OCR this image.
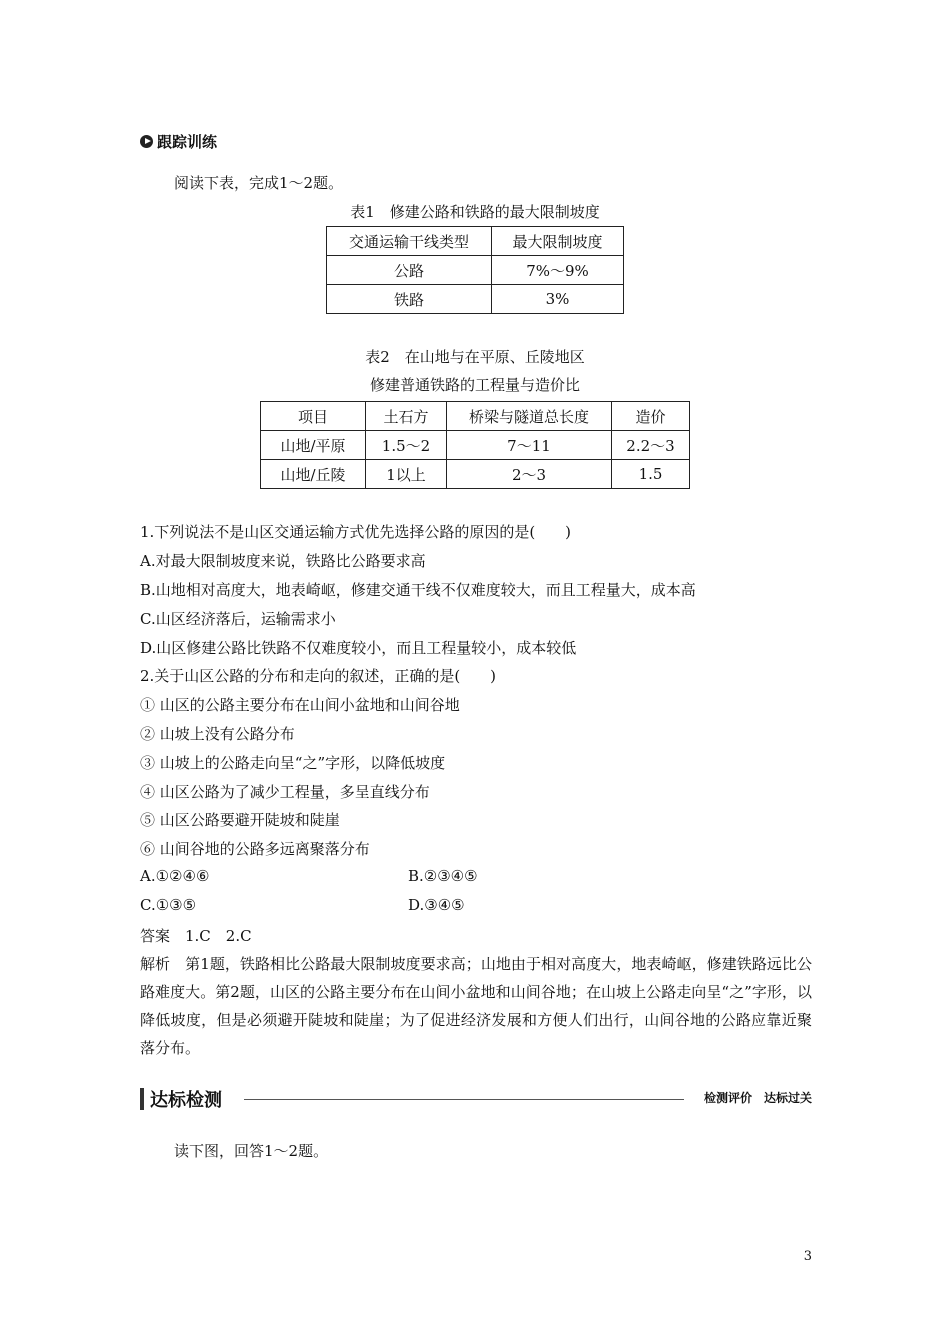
跟踪训练
阅读下表，完成1～2题。
表1　修建公路和铁路的最大限制坡度
交通运输干线类型	最大限制坡度
公路	7%～9%
铁路	3%
表2　在山地与在平原、丘陵地区
修建普通铁路的工程量与造价比
项目	土石方	桥梁与隧道总长度	造价
山地/平原	1.5～2	7～11	2.2～3
山地/丘陵	1以上	2～3	1.5
1.下列说法不是山区交通运输方式优先选择公路的原因的是(　　)
A.对最大限制坡度来说，铁路比公路要求高
B.山地相对高度大，地表崎岖，修建交通干线不仅难度较大，而且工程量大，成本高
C.山区经济落后，运输需求小
D.山区修建公路比铁路不仅难度较小，而且工程量较小，成本较低
2.关于山区公路的分布和走向的叙述，正确的是(　　)
① 山区的公路主要分布在山间小盆地和山间谷地
② 山坡上没有公路分布
③ 山坡上的公路走向呈“之”字形，以降低坡度
④ 山区公路为了减少工程量，多呈直线分布
⑤ 山区公路要避开陡坡和陡崖
⑥ 山间谷地的公路多远离聚落分布
A.①②④⑥	B.②③④⑤
C.①③⑤	D.③④⑤
答案　1.C　2.C
解析　第1题，铁路相比公路最大限制坡度要求高；山地由于相对高度大，地表崎岖，修建铁路远比公路难度大。第2题，山区的公路主要分布在山间小盆地和山间谷地；在山坡上公路走向呈“之”字形，以降低坡度，但是必须避开陡坡和陡崖；为了促进经济发展和方便人们出行，山间谷地的公路应靠近聚落分布。
达标检测	检测评价　达标过关
读下图，回答1～2题。
3
